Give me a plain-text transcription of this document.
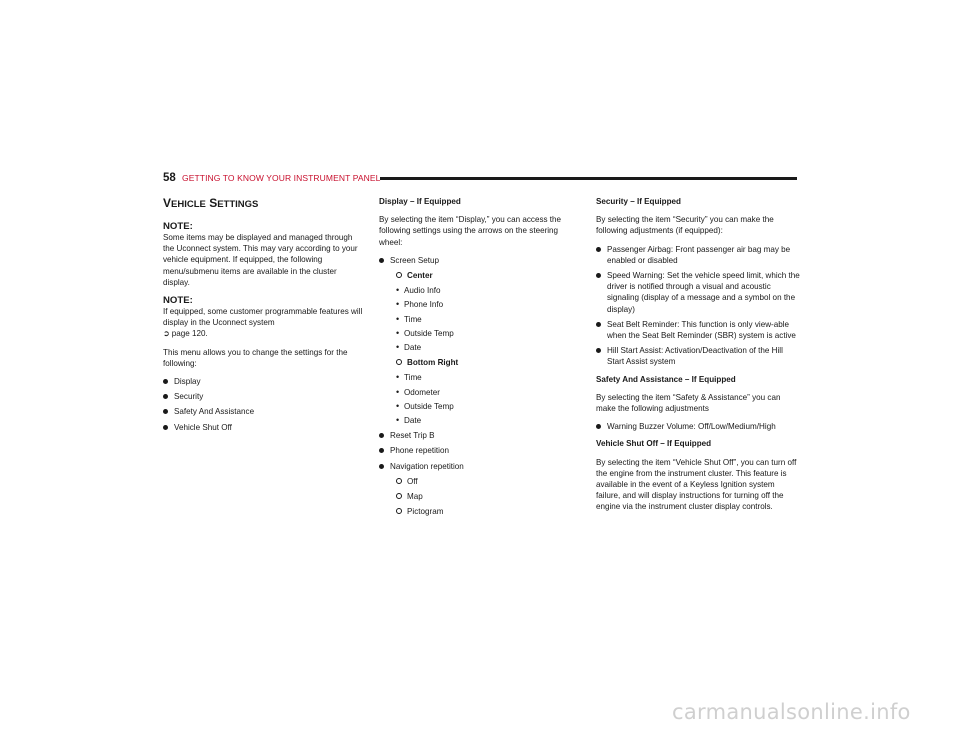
58 GETTING TO KNOW YOUR INSTRUMENT PANEL
VEHICLE SETTINGS
NOTE:

Some items may be displayed and managed through the Uconnect system. This may vary according to your vehicle equipment. If equipped, the following menu/submenu items are available in the cluster display.

NOTE:

If equipped, some customer programmable features will display in the Uconnect system
➲ page 120.

This menu allows you to change the settings for the following:

Display
Security
Safety And Assistance
Vehicle Shut Off
Display – If Equipped

By selecting the item “Display,” you can access the following settings using the arrows on the steering wheel:

Screen Setup
Center
• Audio Info
• Phone Info
• Time
• Outside Temp
• Date
Bottom Right
• Time
• Odometer
• Outside Temp
• Date
Reset Trip B
Phone repetition
Navigation repetition
Off
Map
Pictogram
Security – If Equipped

By selecting the item “Security” you can make the following adjustments (if equipped):

Passenger Airbag: Front passenger air bag may be enabled or disabled
Speed Warning: Set the vehicle speed limit, which the driver is notified through a visual and acoustic signaling (display of a message and a symbol on the display)
Seat Belt Reminder: This function is only view-able when the Seat Belt Reminder (SBR) system is active
Hill Start Assist: Activation/Deactivation of the Hill Start Assist system
Safety And Assistance – If Equipped

By selecting the item “Safety & Assistance” you can make the following adjustments

Warning Buzzer Volume: Off/Low/Medium/High
Vehicle Shut Off – If Equipped

By selecting the item “Vehicle Shut Off”, you can turn off the engine from the instrument cluster. This feature is available in the event of a Keyless Ignition system failure, and will display instructions for turning off the engine via the instrument cluster display controls.

carmanualsonline.info
